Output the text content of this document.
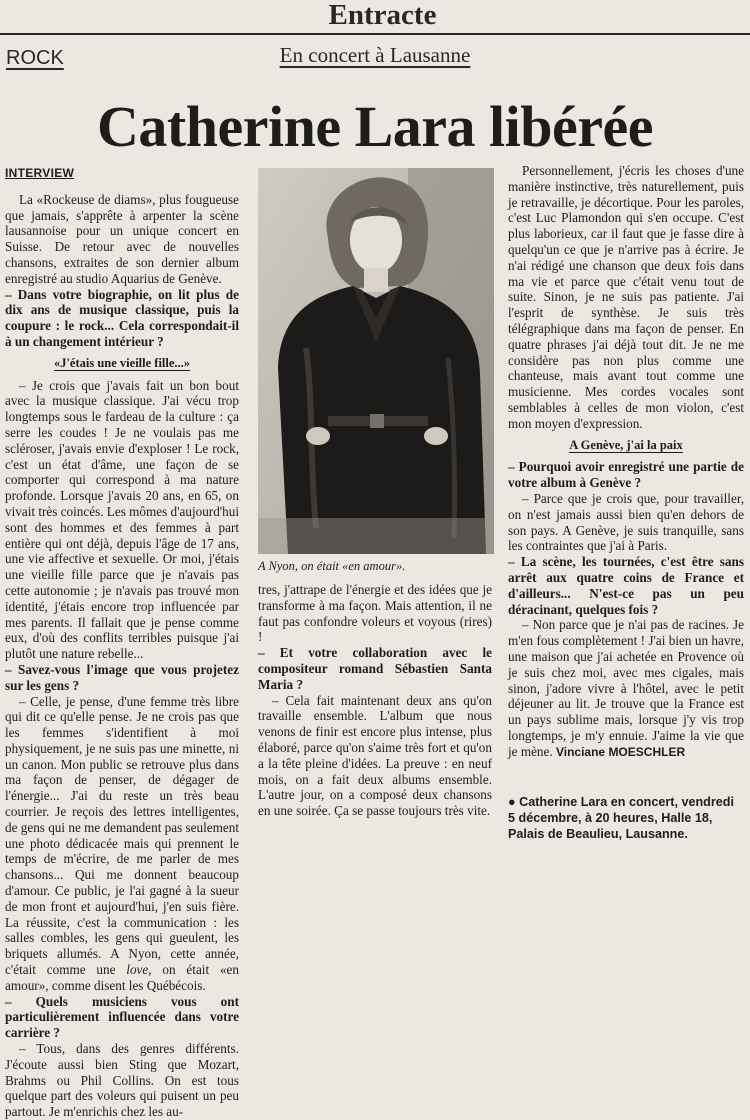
Entracte
ROCK	En concert à Lausanne
Catherine Lara libérée
INTERVIEW

La «Rockeuse de diams», plus fougueuse que jamais, s'apprête à arpenter la scène lausannoise pour un unique concert en Suisse. De retour avec de nouvelles chansons, extraites de son dernier album enregistré au studio Aquarius de Genève.

– Dans votre biographie, on lit plus de dix ans de musique classique, puis la coupure : le rock... Cela correspondait-il à un changement intérieur ?

«J'étais une vieille fille...»

– Je crois que j'avais fait un bon bout avec la musique classique. J'ai vécu trop longtemps sous le fardeau de la culture : ça serre les coudes ! Je ne voulais pas me scléroser, j'avais envie d'exploser ! Le rock, c'est un état d'âme, une façon de se comporter qui correspond à ma nature profonde. Lorsque j'avais 20 ans, en 65, on vivait très coincés. Les mômes d'aujourd'hui sont des hommes et des femmes à part entière qui ont déjà, depuis l'âge de 17 ans, une vie affective et sexuelle. Or moi, j'étais une vieille fille parce que je n'avais pas cette autonomie ; je n'avais pas trouvé mon identité, j'étais encore trop influencée par mes parents. Il fallait que je pense comme eux, d'où des conflits terribles puisque j'ai plutôt une nature rebelle...

– Savez-vous l'image que vous projetez sur les gens ?

– Celle, je pense, d'une femme très libre qui dit ce qu'elle pense. Je ne crois pas que les femmes s'identifient à moi physiquement, je ne suis pas une minette, ni un canon. Mon public se retrouve plus dans ma façon de penser, de dégager de l'énergie... J'ai du reste un très beau courrier. Je reçois des lettres intelligentes, de gens qui ne me demandent pas seulement une photo dédicacée mais qui prennent le temps de m'écrire, de me parler de mes chansons... Qui me donnent beaucoup d'amour. Ce public, je l'ai gagné à la sueur de mon front et aujourd'hui, j'en suis fière. La réussite, c'est la communication : les salles combles, les gens qui gueulent, les briquets allumés. A Nyon, cette année, c'était comme une love, on était «en amour», comme disent les Québécois.

– Quels musiciens vous ont particulièrement influencée dans votre carrière ?

– Tous, dans des genres différents. J'écoute aussi bien Sting que Mozart, Brahms ou Phil Collins. On est tous quelque part des voleurs qui puisent un peu partout. Je m'enrichis chez les au-

A Nyon, on était «en amour».

tres, j'attrape de l'énergie et des idées que je transforme à ma façon. Mais attention, il ne faut pas confondre voleurs et voyous (rires) !

– Et votre collaboration avec le compositeur romand Sébastien Santa Maria ?

– Cela fait maintenant deux ans qu'on travaille ensemble. L'album que nous venons de finir est encore plus intense, plus élaboré, parce qu'on s'aime très fort et qu'on a la tête pleine d'idées. La preuve : en neuf mois, on a fait deux albums ensemble. L'autre jour, on a composé deux chansons en une soirée. Ça se passe toujours très vite.

Personnellement, j'écris les choses d'une manière instinctive, très naturellement, puis je retravaille, je décortique. Pour les paroles, c'est Luc Plamondon qui s'en occupe. C'est plus laborieux, car il faut que je fasse dire à quelqu'un ce que je n'arrive pas à écrire. Je n'ai rédigé une chanson que deux fois dans ma vie et parce que c'était venu tout de suite. Sinon, je ne suis pas patiente. J'ai l'esprit de synthèse. Je suis très télégraphique dans ma façon de penser. En quatre phrases j'ai déjà tout dit. Je ne me considère pas non plus comme une chanteuse, mais avant tout comme une musicienne. Mes cordes vocales sont semblables à celles de mon violon, c'est mon moyen d'expression.

A Genève, j'ai la paix

– Pourquoi avoir enregistré une partie de votre album à Genève ?

– Parce que je crois que, pour travailler, on n'est jamais aussi bien qu'en dehors de son pays. A Genève, je suis tranquille, sans les contraintes que j'ai à Paris.

– La scène, les tournées, c'est être sans arrêt aux quatre coins de France et d'ailleurs... N'est-ce pas un peu déracinant, quelques fois ?

– Non parce que je n'ai pas de racines. Je m'en fous complètement ! J'ai bien un havre, une maison que j'ai achetée en Provence où je suis chez moi, avec mes cigales, mais sinon, j'adore vivre à l'hôtel, avec le petit déjeuner au lit. Je trouve que la France est un pays sublime mais, lorsque j'y vis trop longtemps, je m'y ennuie. J'aime la vie que je mène. Vinciane MOESCHLER

● Catherine Lara en concert, vendredi 5 décembre, à 20 heures, Halle 18, Palais de Beaulieu, Lausanne.
